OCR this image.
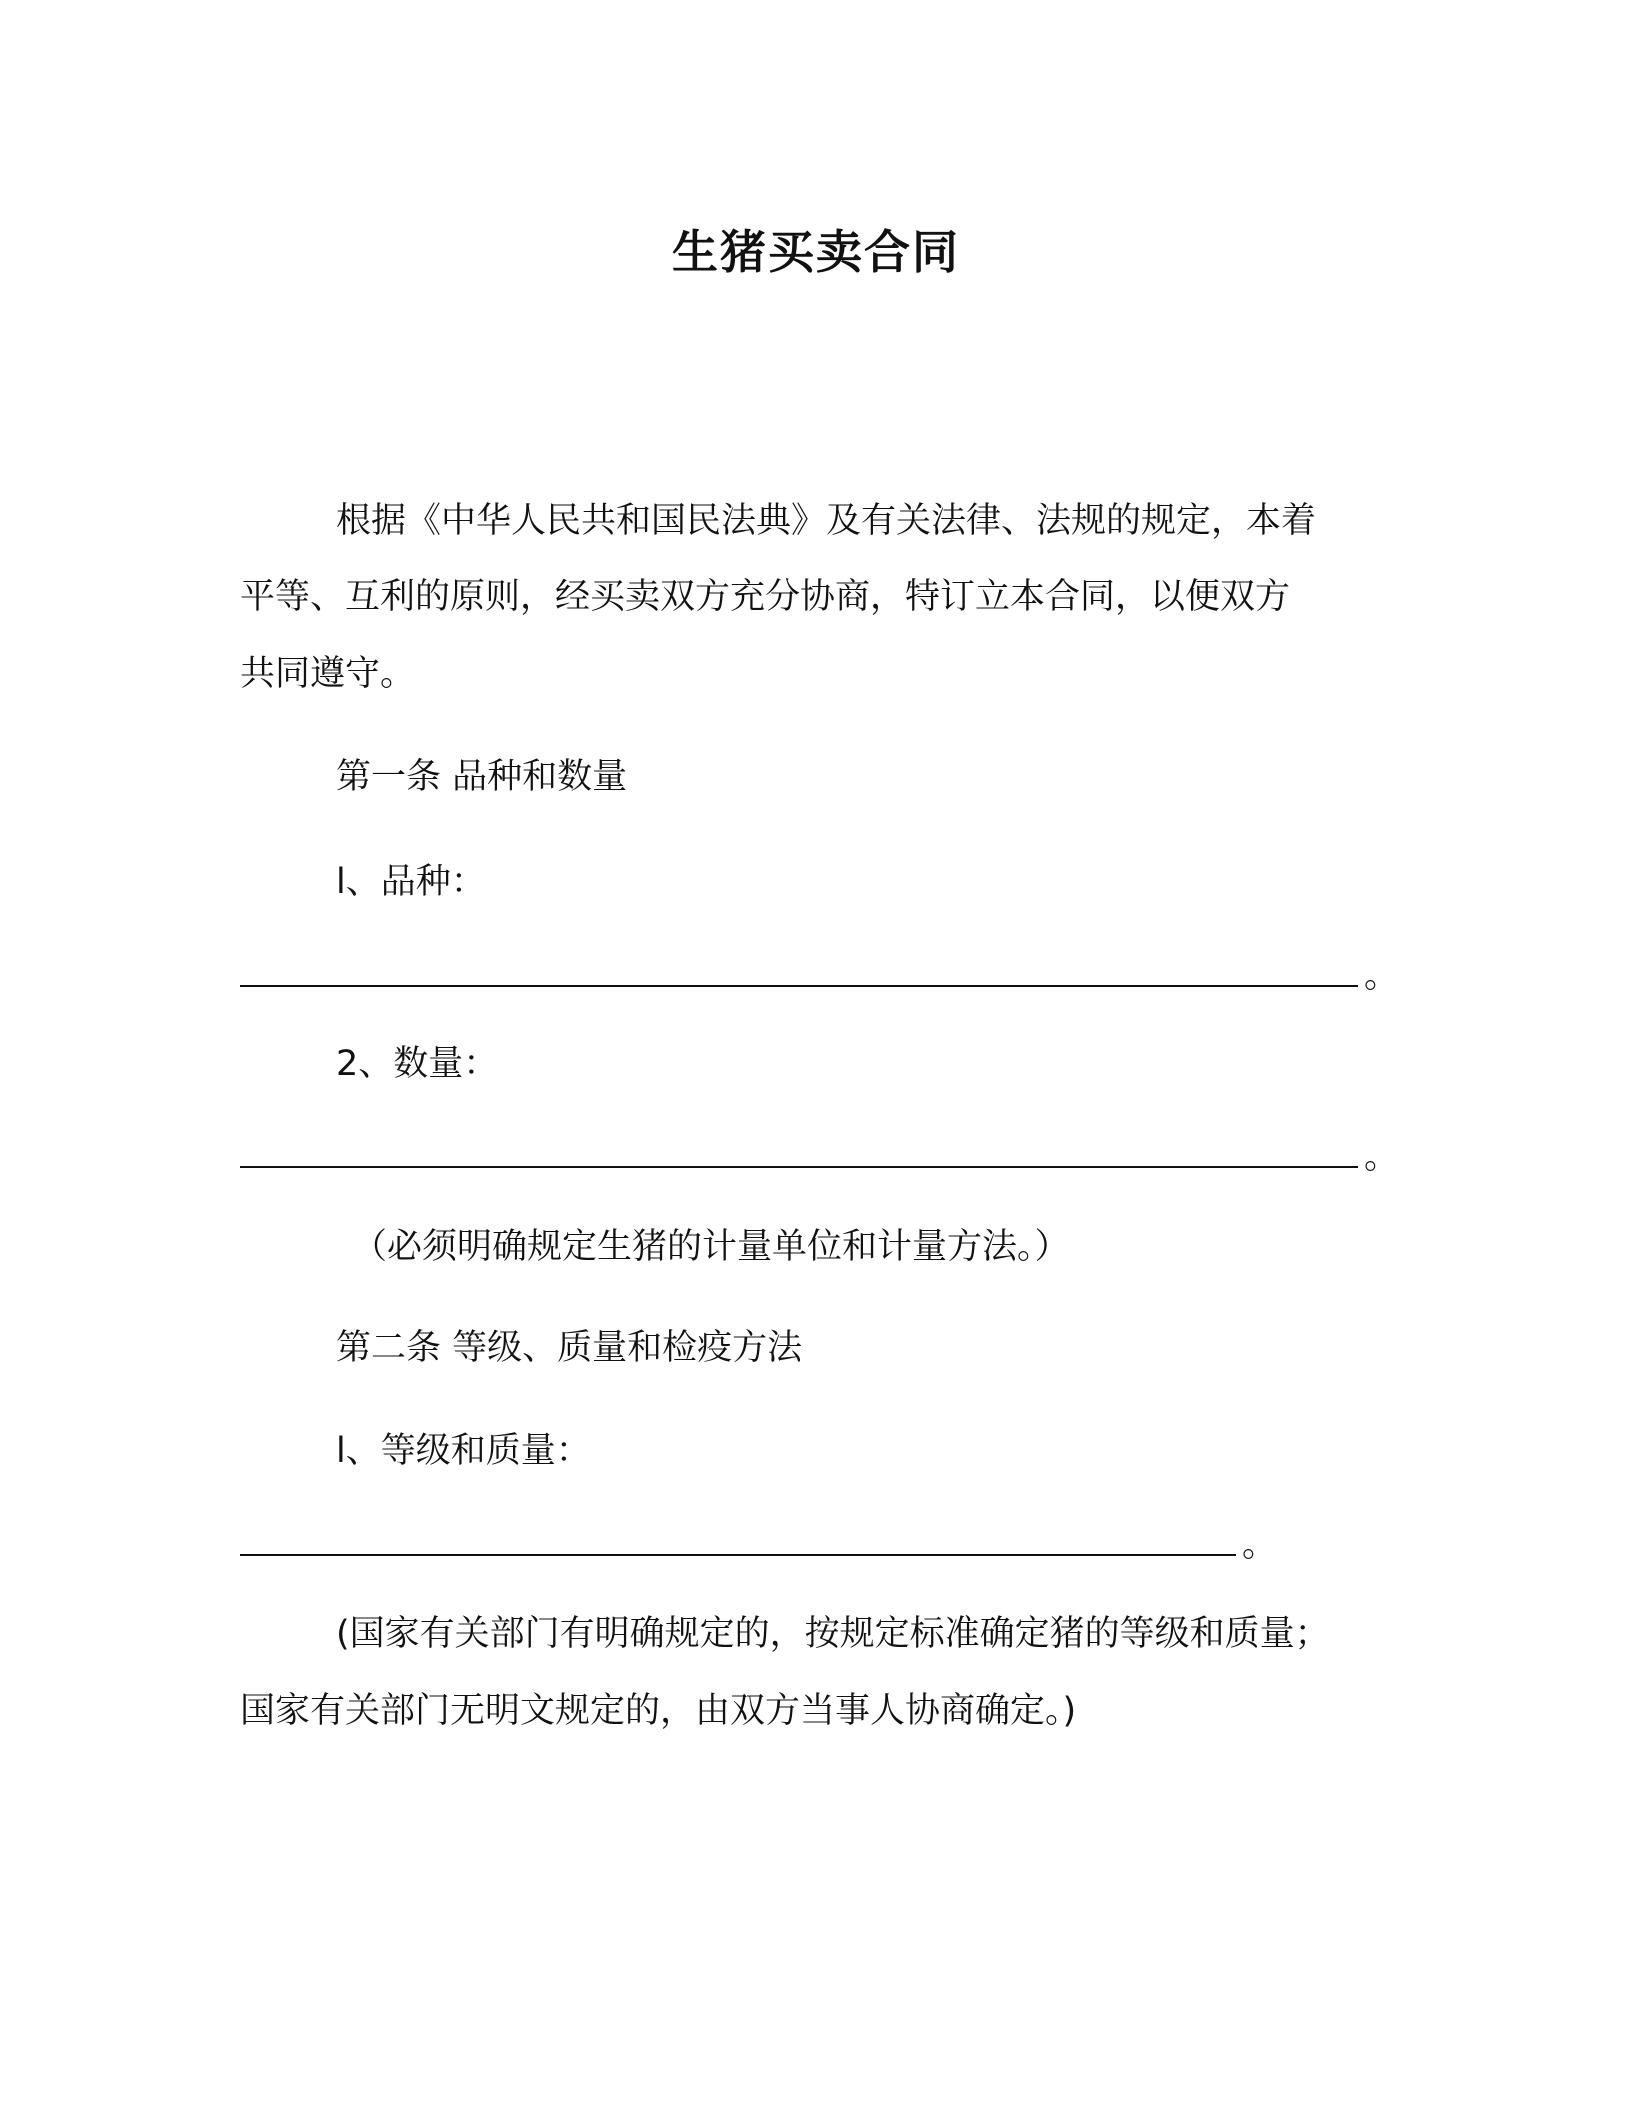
生猪买卖合同
根据《中华人民共和国民法典》及有关法律、法规的规定，本着
平等、互利的原则，经买卖双方充分协商，特订立本合同，以便双方
共同遵守。
第一条 品种和数量
l、品种：
。
2、数量：
。
（必须明确规定生猪的计量单位和计量方法。）
第二条 等级、质量和检疫方法
l、等级和质量：
。
(国家有关部门有明确规定的，按规定标准确定猪的等级和质量；
国家有关部门无明文规定的，由双方当事人协商确定。)
